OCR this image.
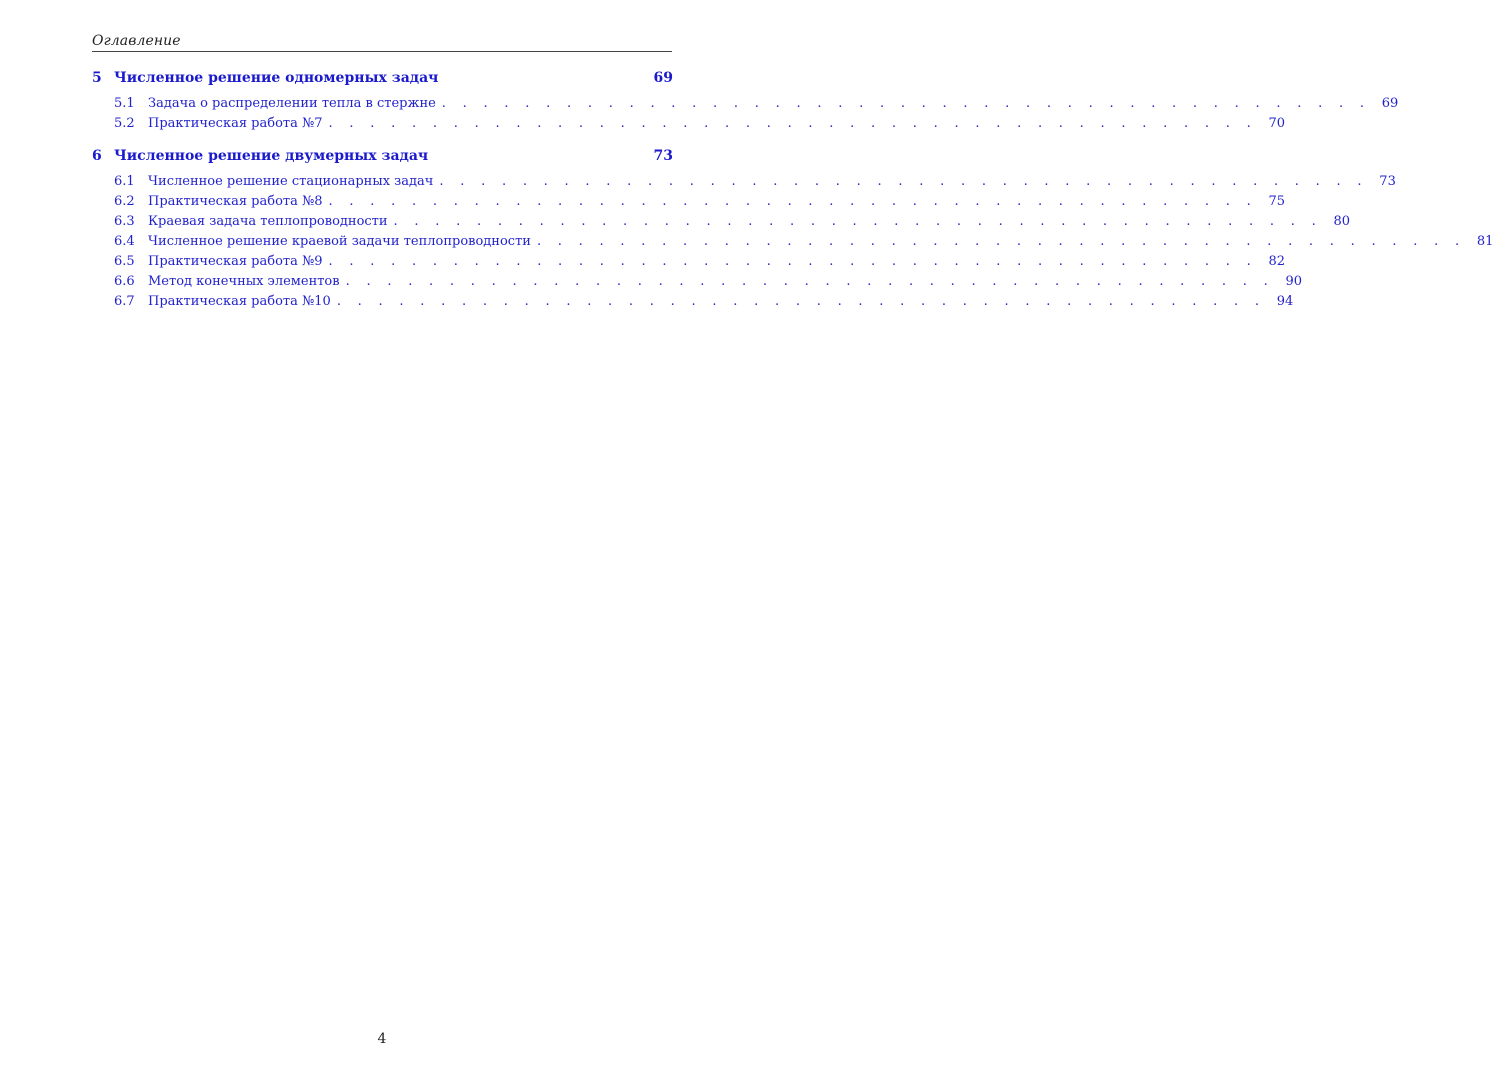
Оглавление
5 Численное решение одномерных задач	69
5.1	Задача о распределении тепла в стержне . . . . . . . . . . . . . . . . . . . . . . . . . . . . . . . . . . . . . . . . . . . . . 69
5.2	Практическая работа №7 . . . . . . . . . . . . . . . . . . . . . . . . . . . . . . . . . . . . . . . . . . . . . 70
6 Численное решение двумерных задач	73
6.1	Численное решение стационарных задач . . . . . . . . . . . . . . . . . . . . . . . . . . . . . . . . . . . . . . . . . . . . . 73
6.2	Практическая работа №8 . . . . . . . . . . . . . . . . . . . . . . . . . . . . . . . . . . . . . . . . . . . . . 75
6.3	Краевая задача теплопроводности . . . . . . . . . . . . . . . . . . . . . . . . . . . . . . . . . . . . . . . . . . . . . 80
6.4	Численное решение краевой задачи теплопроводности . . . . . . . . . . . . . . . . . . . . . . . . . . . . . . . . . . . . . . . . . . . . . 81
6.5	Практическая работа №9 . . . . . . . . . . . . . . . . . . . . . . . . . . . . . . . . . . . . . . . . . . . . . 82
6.6	Метод конечных элементов . . . . . . . . . . . . . . . . . . . . . . . . . . . . . . . . . . . . . . . . . . . . . 90
6.7	Практическая работа №10 . . . . . . . . . . . . . . . . . . . . . . . . . . . . . . . . . . . . . . . . . . . . . 94
4
